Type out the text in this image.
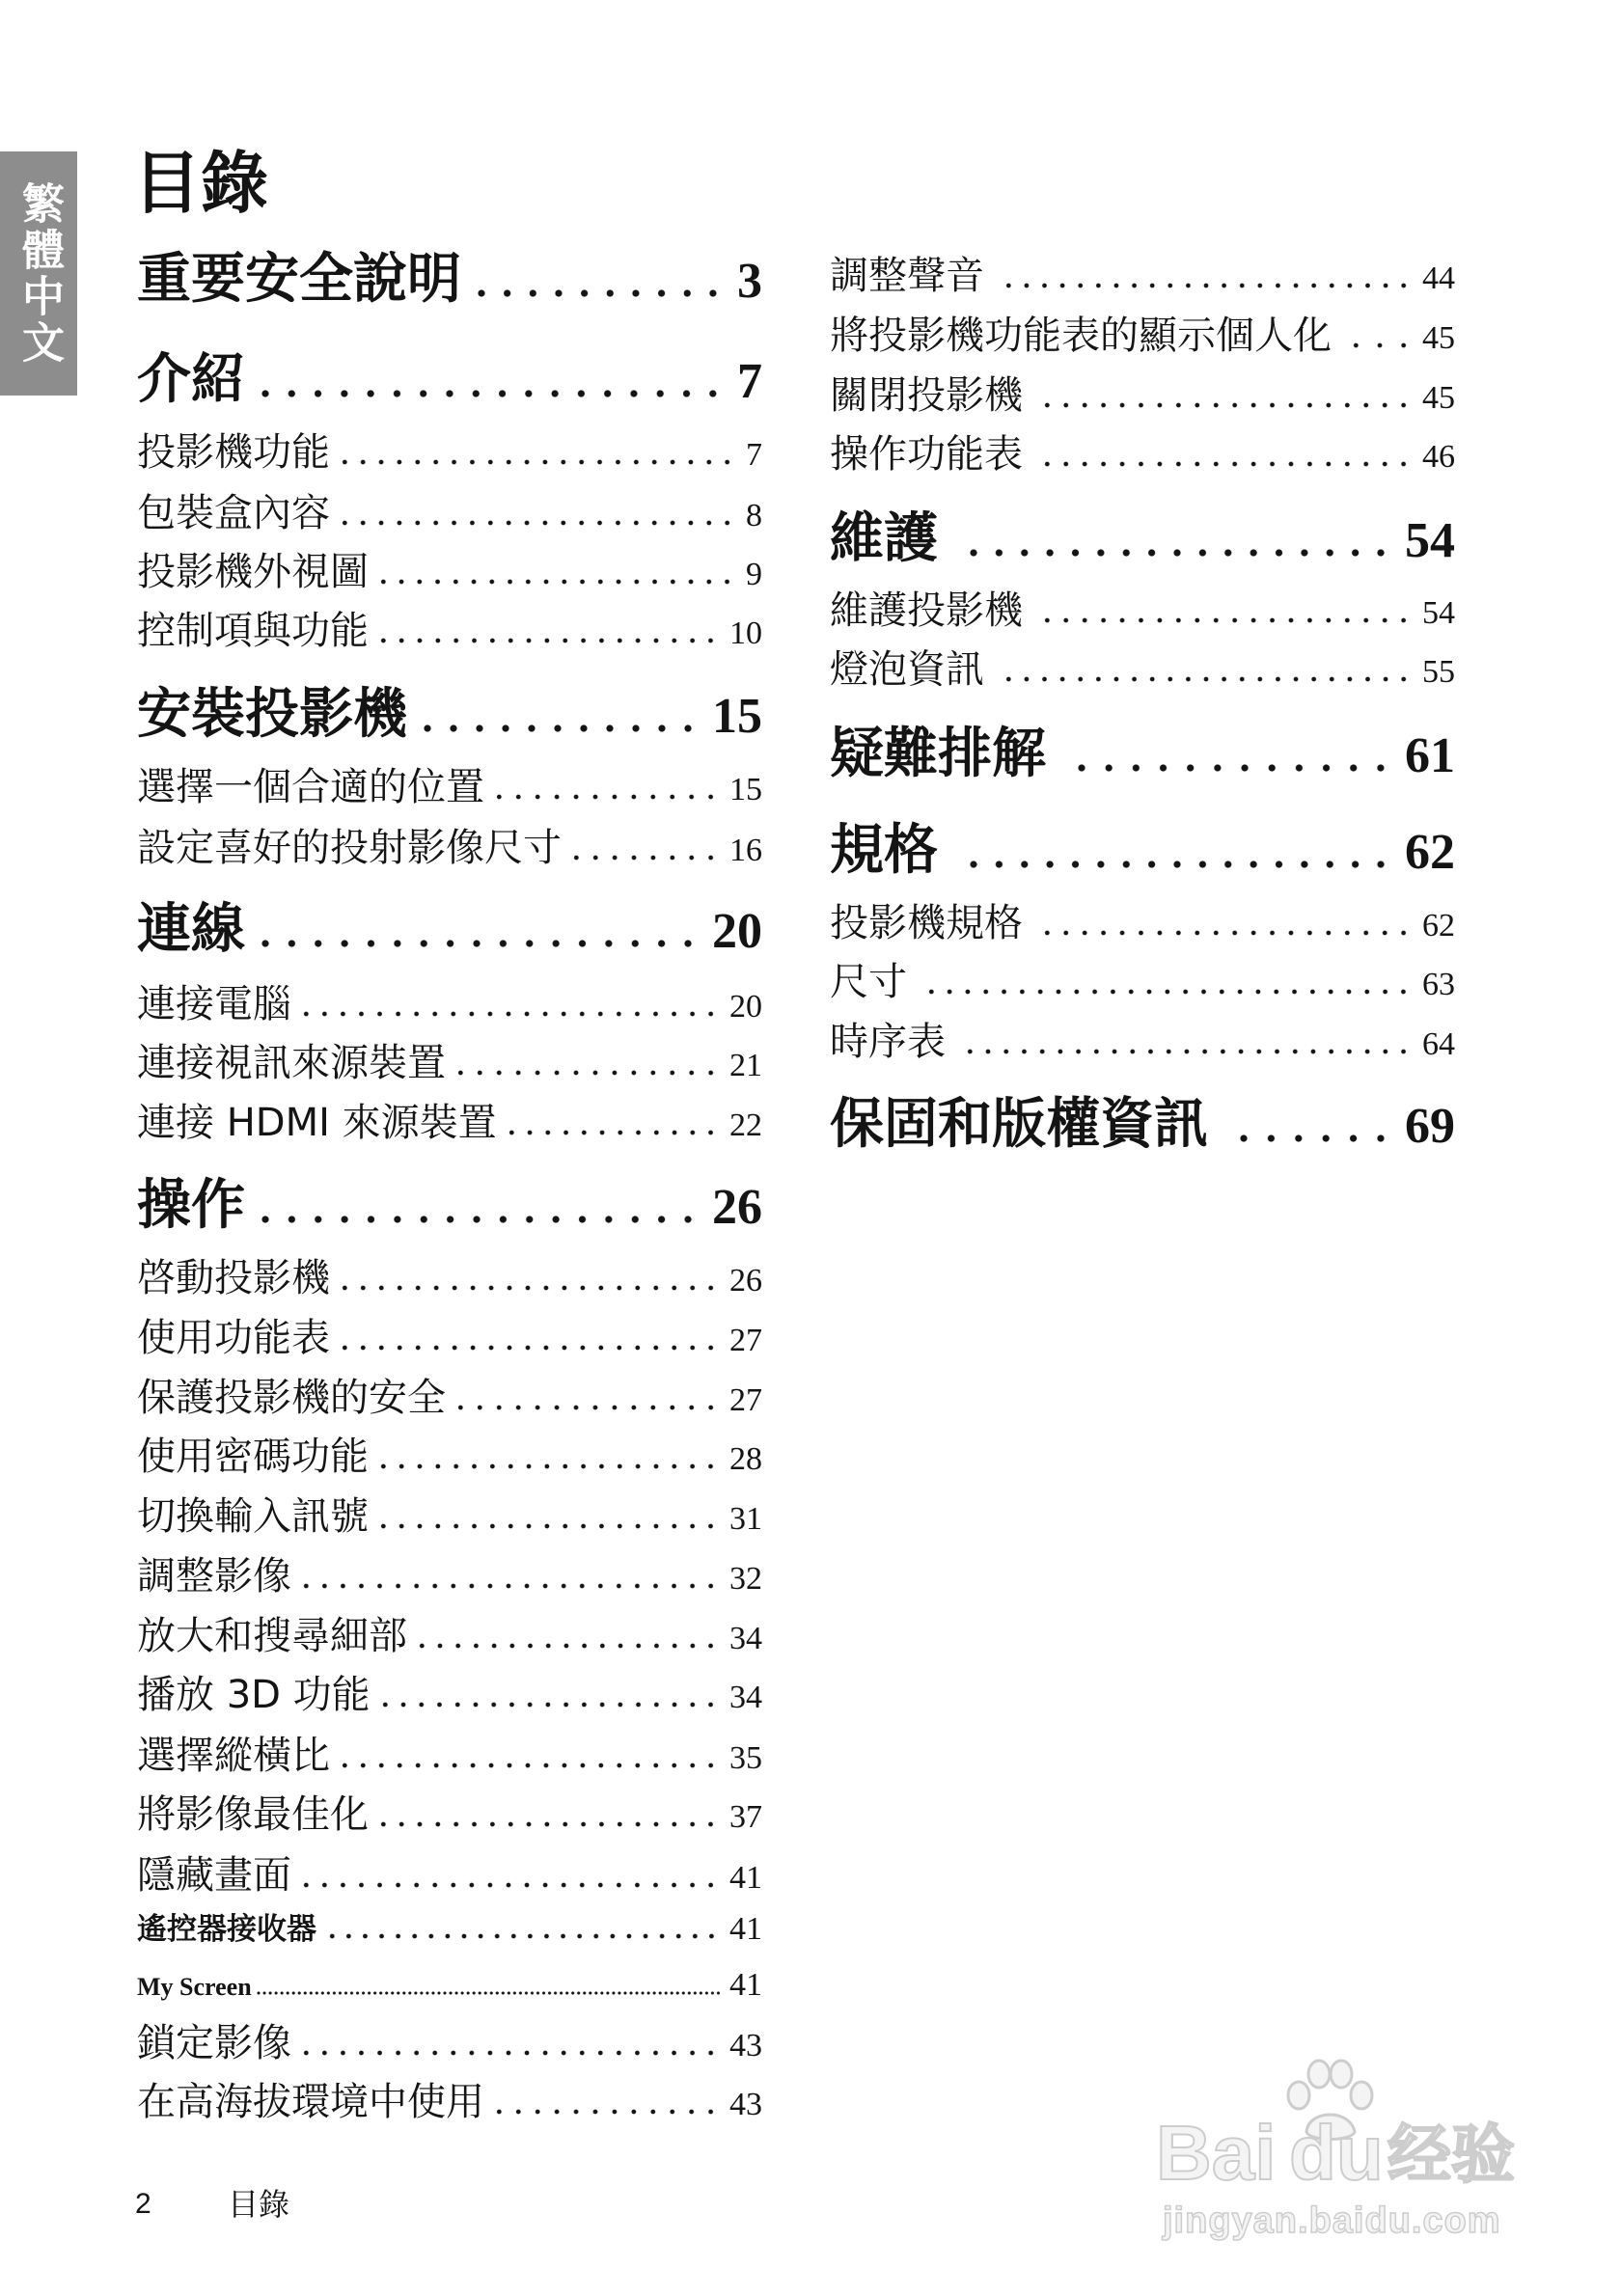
繁體中文 目錄
重要安全說明	3
介紹	7
投影機功能	7
包裝盒內容	8
投影機外視圖	9
控制項與功能	10
安裝投影機	15
選擇一個合適的位置	15
設定喜好的投射影像尺寸	16
連線	20
連接電腦	20
連接視訊來源裝置	21
連接 HDMI 來源裝置	22
操作	26
啓動投影機	26
使用功能表	27
保護投影機的安全	27
使用密碼功能	28
切換輸入訊號	31
調整影像	32
放大和搜尋細部	34
播放 3D 功能	34
選擇縱橫比	35
將影像最佳化	37
隱藏畫面	41
遙控器接收器	41
My Screen	41
鎖定影像	43
在高海拔環境中使用	43
調整聲音	44
將投影機功能表的顯示個人化	45
關閉投影機	45
操作功能表	46
維護	54
維護投影機	54
燈泡資訊	55
疑難排解	61
規格	62
投影機規格	62
尺寸	63
時序表	64
保固和版權資訊	69
2 目錄
Bai du 经验
jingyan.baidu.com
